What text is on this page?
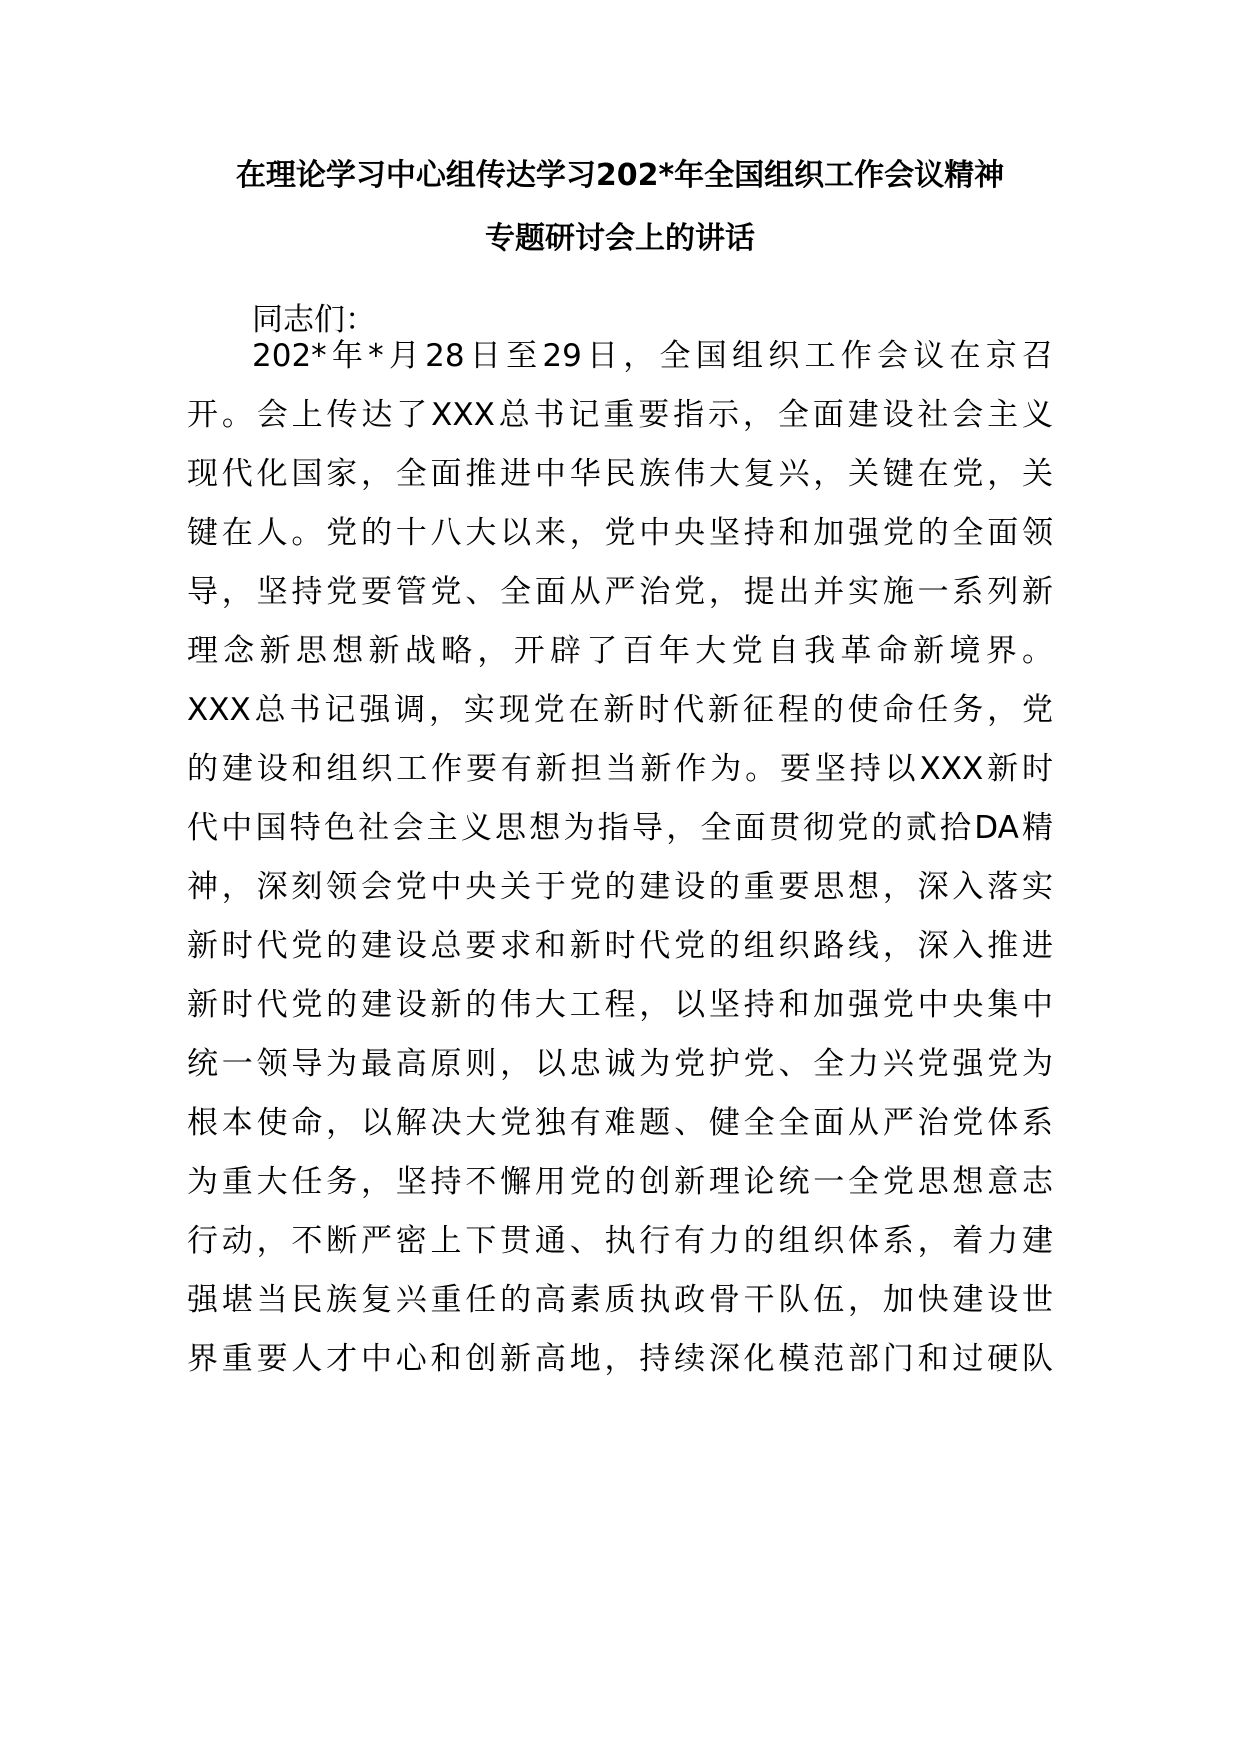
在理论学习中心组传达学习202*年全国组织工作会议精神
专题研讨会上的讲话
同志们：
202*年*月28日至29日，全国组织工作会议在京召
开。会上传达了XXX总书记重要指示，全面建设社会主义
现代化国家，全面推进中华民族伟大复兴，关键在党，关
键在人。党的十八大以来，党中央坚持和加强党的全面领
导，坚持党要管党、全面从严治党，提出并实施一系列新
理念新思想新战略，开辟了百年大党自我革命新境界。
XXX总书记强调，实现党在新时代新征程的使命任务，党
的建设和组织工作要有新担当新作为。要坚持以XXX新时
代中国特色社会主义思想为指导，全面贯彻党的贰拾DA精
神，深刻领会党中央关于党的建设的重要思想，深入落实
新时代党的建设总要求和新时代党的组织路线，深入推进
新时代党的建设新的伟大工程，以坚持和加强党中央集中
统一领导为最高原则，以忠诚为党护党、全力兴党强党为
根本使命，以解决大党独有难题、健全全面从严治党体系
为重大任务，坚持不懈用党的创新理论统一全党思想意志
行动，不断严密上下贯通、执行有力的组织体系，着力建
强堪当民族复兴重任的高素质执政骨干队伍，加快建设世
界重要人才中心和创新高地，持续深化模范部门和过硬队
